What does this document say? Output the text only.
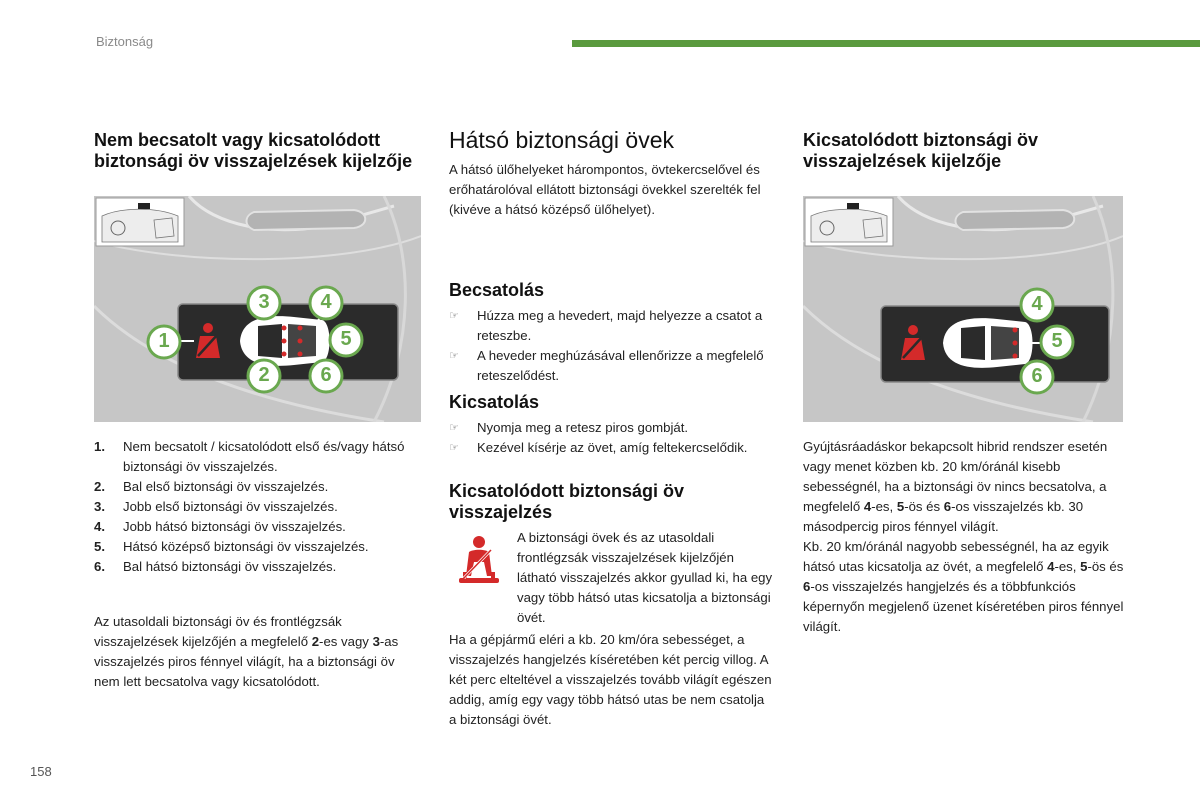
Biztonság
Nem becsatolt vagy kicsatolódott biztonsági öv visszajelzések kijelzője
1
3	4
5
2	6
1. Nem becsatolt / kicsatolódott első és/vagy hátsó biztonsági öv visszajelzés.
2. Bal első biztonsági öv visszajelzés.
3. Jobb első biztonsági öv visszajelzés.
4. Jobb hátsó biztonsági öv visszajelzés.
5. Hátsó középső biztonsági öv visszajelzés.
6. Bal hátsó biztonsági öv visszajelzés.

Az utasoldali biztonsági öv és frontlégzsák visszajelzések kijelzőjén a megfelelő 2-es vagy 3-as visszajelzés piros fénnyel világít, ha a biztonsági öv nem lett becsatolva vagy kicsatolódott.

Hátsó biztonsági övek

A hátsó ülőhelyeket hárompontos, övtekercselővel és erőhatárolóval ellátott biztonsági övekkel szerelték fel (kivéve a hátsó középső ülőhelyet).

Becsatolás
☞ Húzza meg a hevedert, majd helyezze a csatot a reteszbe.
☞ A heveder meghúzásával ellenőrizze a megfelelő reteszelődést.
Kicsatolás
☞ Nyomja meg a retesz piros gombját.
☞ Kezével kísérje az övet, amíg feltekercselődik.
Kicsatolódott biztonsági öv visszajelzés

A biztonsági övek és az utasoldali frontlégzsák visszajelzések kijelzőjén látható visszajelzés akkor gyullad ki, ha egy vagy több hátsó utas kicsatolja a biztonsági övét.

Ha a gépjármű eléri a kb. 20 km/óra sebességet, a visszajelzés hangjelzés kíséretében két percig villog. A két perc elteltével a visszajelzés tovább világít egészen addig, amíg egy vagy több hátsó utas be nem csatolja a biztonsági övét.

Kicsatolódott biztonsági öv visszajelzések kijelzője
4
5
6

Gyújtásráadáskor bekapcsolt hibrid rendszer esetén vagy menet közben kb. 20 km/óránál kisebb sebességnél, ha a biztonsági öv nincs becsatolva, a megfelelő 4-es, 5-ös és 6-os visszajelzés kb. 30 másodpercig piros fénnyel világít.

Kb. 20 km/óránál nagyobb sebességnél, ha az egyik hátsó utas kicsatolja az övét, a megfelelő 4-es, 5-ös és 6-os visszajelzés hangjelzés és a többfunkciós képernyőn megjelenő üzenet kíséretében piros fénnyel világít.

158
